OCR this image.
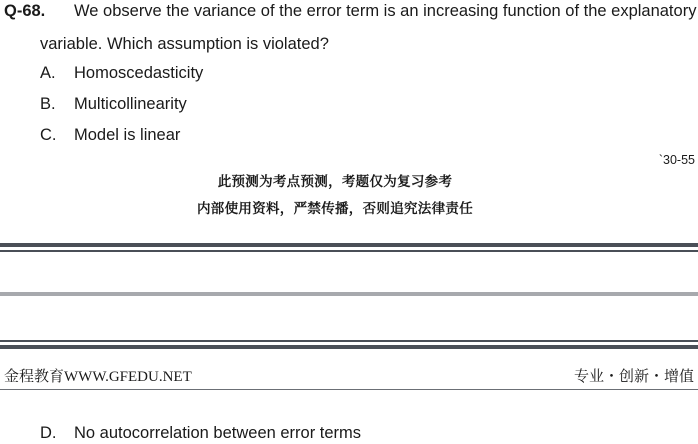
Q-68. We observe the variance of the error term is an increasing function of the explanatory
variable. Which assumption is violated?
A. Homoscedasticity
B. Multicollinearity
C. Model is linear
`30-55
此预测为考点预测，考题仅为复习参考
内部使用资料，严禁传播，否则追究法律责任
金程教育WWW.GFEDU.NET	专业・创新・增值
D. No autocorrelation between error terms
